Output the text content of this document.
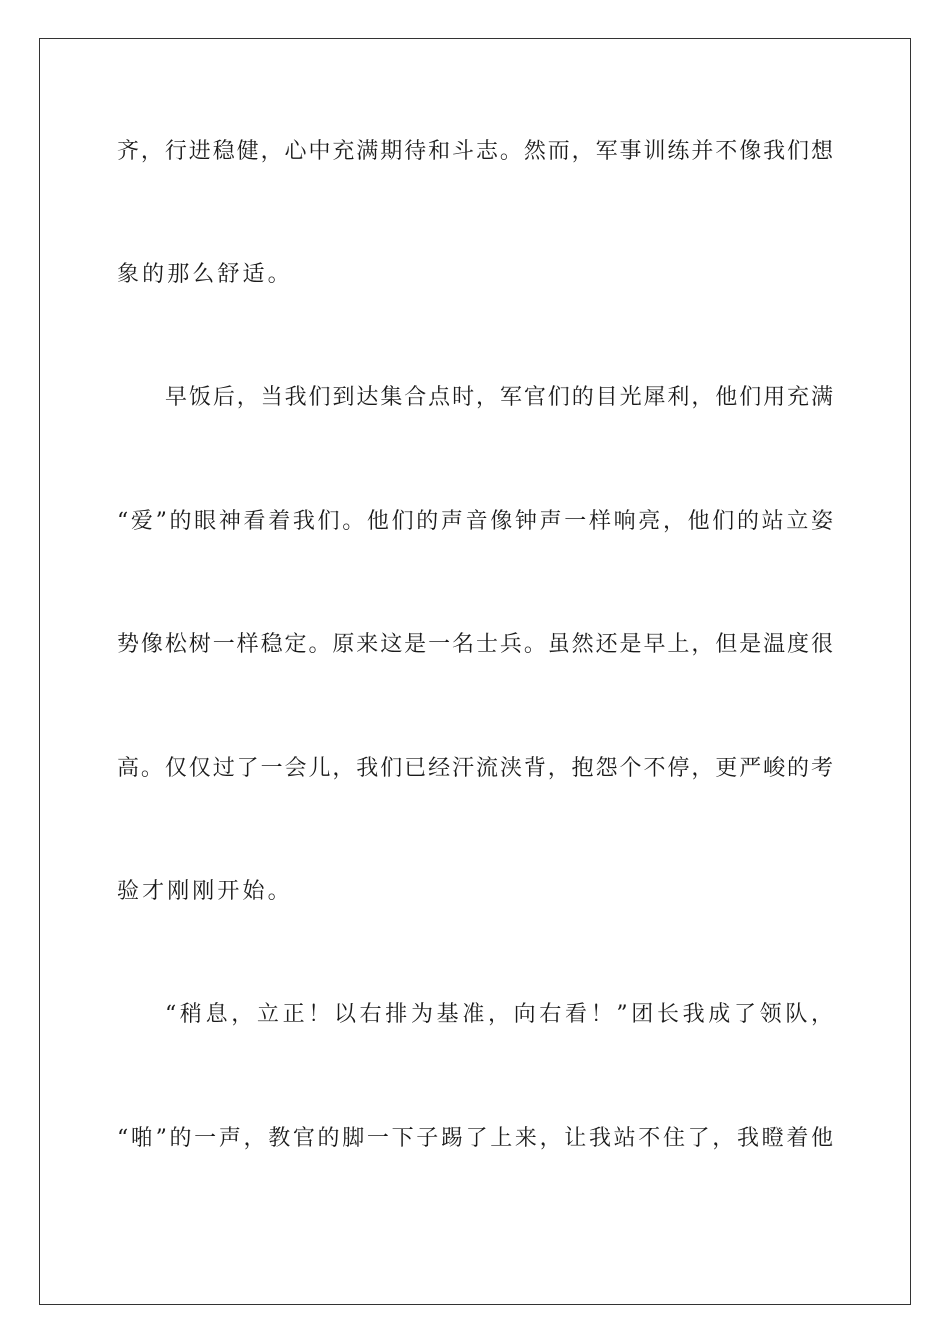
齐，行进稳健，心中充满期待和斗志。然而，军事训练并不像我们想
象的那么舒适。
早饭后，当我们到达集合点时，军官们的目光犀利，他们用充满
“爱”的眼神看着我们。他们的声音像钟声一样响亮，他们的站立姿
势像松树一样稳定。原来这是一名士兵。虽然还是早上，但是温度很
高。仅仅过了一会儿，我们已经汗流浃背，抱怨个不停，更严峻的考
验才刚刚开始。
“稍息，立正！以右排为基准，向右看！”团长我成了领队，
“啪”的一声，教官的脚一下子踢了上来，让我站不住了，我瞪着他
